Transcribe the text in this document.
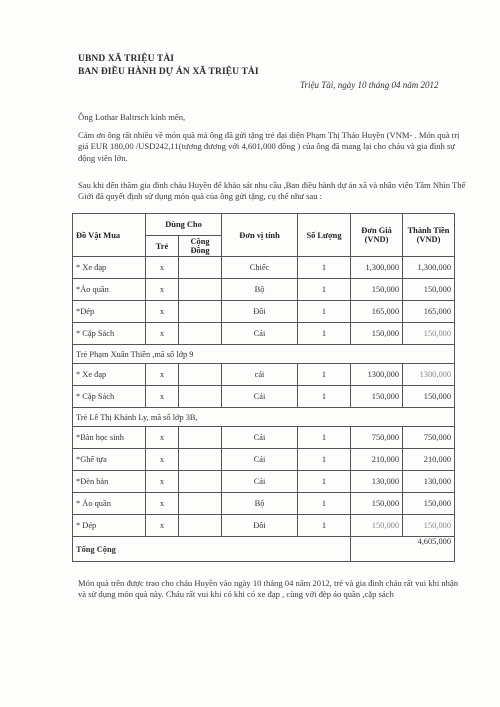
UBND XÃ TRIỆU TÀI
BAN ĐIỀU HÀNH DỰ ÁN XÃ TRIỆU TÀI
Triệu Tài, ngày 10 tháng 04 năm 2012
Ông Lothar Baltrsch kính mến,
Cám ơn ông rất nhiều về món quà mà ông đã gửi tặng trẻ đại diện Phạm Thị Thảo Huyền (VNM- . Món quà trị giá EUR 180,00 /USD242,11(tương đương với 4,601,000 đồng ) của ông đã mang lại cho cháu và gia đình sự động viên lớn.
Sau khi đến thăm gia đình cháu Huyền để khảo sát nhu cầu ,Ban điều hành dự án xã và nhân viên Tầm Nhìn Thế Giới đã quyết định sử dụng món quà của ông gửi tặng, cụ thể như sau :
Đồ Vật Mua	Dùng Cho		Đơn vị tính	Số Lượng	Đơn Giá (VND)	Thành Tiền (VND)
	Trẻ	Cộng Đồng				
* Xe đạp	x		Chiếc	1	1,300,000	1,300,000
*Áo quần	x		Bộ	1	150,000	150,000
*Dép	x		Đôi	1	165,000	165,000
* Cặp Sách	x		Cái	1	150,000	150,000
Trẻ Phạm Xuân Thiền ,mã số lớp 9						
* Xe đạp	x		cái	1	1300,000	1300,000
* Cặp Sách	x		Cái	1	150,000	150,000
Trẻ Lê Thị Khánh Ly, mã số lớp 3B,						
*Bàn học sinh	x		Cái	1	750,000	750,000
*Ghế tựa	x		Cái	1	210,000	210,000
*Đèn bàn	x		Cái	1	130,000	130,000
* Áo quần	x		Bộ	1	150,000	150,000
* Dép	x		Đôi	1	150,000	150,000
Tổng Cộng					4,605,000	
Món quà trên được trao cho cháu Huyền vào ngày 10 tháng 04 năm 2012, trẻ và gia đình cháu rất vui khi nhận và sử dụng món quà này. Cháu rất vui khi có khi có xe đạp , cùng với đèp áo quần ,cặp sách
